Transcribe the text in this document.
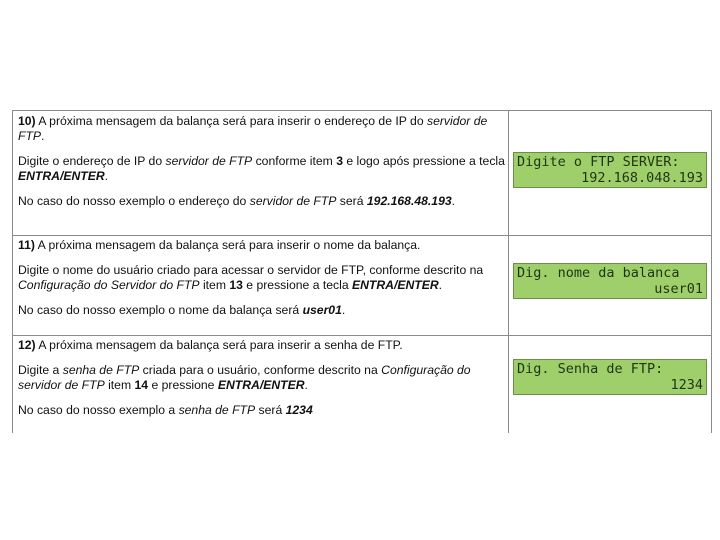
10) A próxima mensagem da balança será para inserir o endereço de IP do servidor de FTP.

Digite o endereço de IP do servidor de FTP conforme item 3 e logo após pressione a tecla ENTRA/ENTER.

No caso do nosso exemplo o endereço do servidor de FTP será 192.168.48.193.

Digite o FTP SERVER:
192.168.048.193

11) A próxima mensagem da balança será para inserir o nome da balança.

Digite o nome do usuário criado para acessar o servidor de FTP, conforme descrito na Configuração do Servidor do FTP item 13 e pressione a tecla ENTRA/ENTER.

No caso do nosso exemplo o nome da balança será user01.

Dig. nome da balanca
user01

12) A próxima mensagem da balança será para inserir a senha de FTP.

Digite a senha de FTP criada para o usuário, conforme descrito na Configuração do servidor de FTP item 14 e pressione ENTRA/ENTER.

No caso do nosso exemplo a senha de FTP será 1234

Dig. Senha de FTP:
1234
